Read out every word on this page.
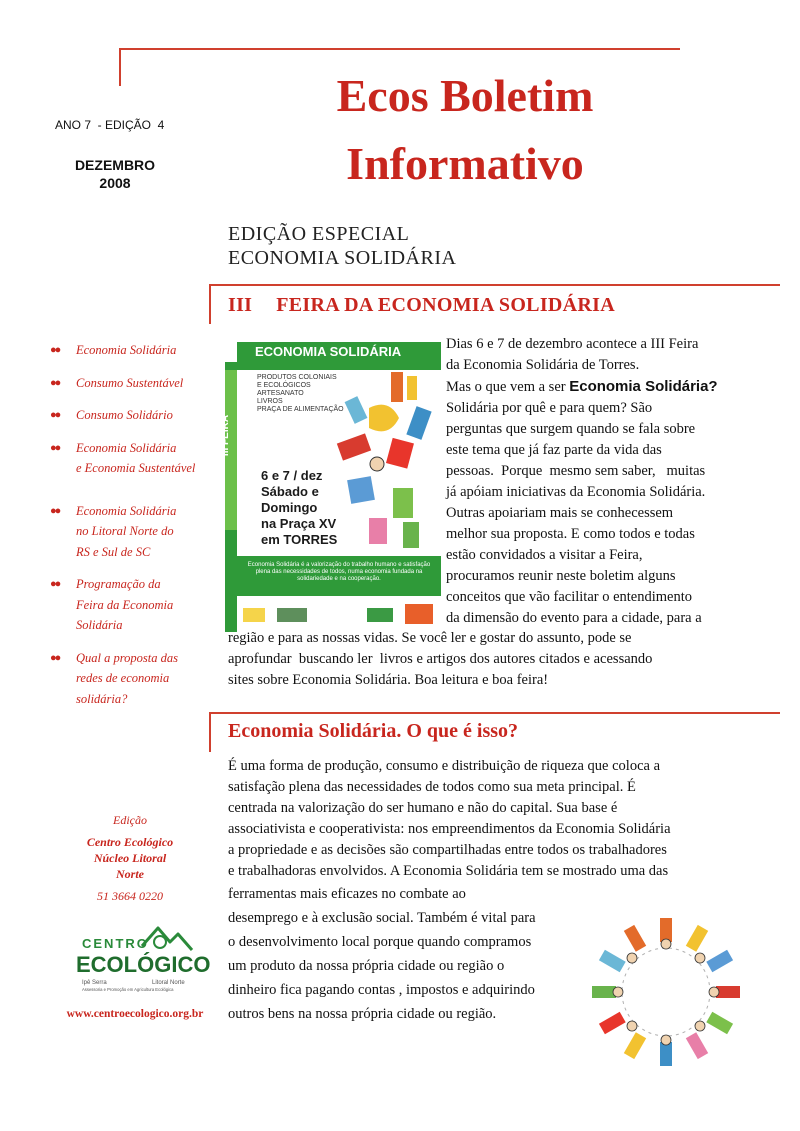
Ecos Boletim
Informativo
ANO 7  - EDIÇÃO  4
DEZEMBRO
2008
EDIÇÃO ESPECIAL
ECONOMIA SOLIDÁRIA
III FEIRA DA ECONOMIA SOLIDÁRIA
●●	Economia Solidária
●●	Consumo Sustentável
●●	Consumo Solidário
●●	Economia Solidária
e Economia Sustentável
●●	Economia Solidária
no Litoral Norte do
RS e Sul de SC
●●	Programação da
Feira da Economia
Solidária
●●	Qual a proposta das
redes de economia
solidária?
Edição
Centro Ecológico
Núcleo Litoral
Norte
51 3664 0220
CENTRO
ECOLÓGICO
Ipê Serra	Litoral Norte
Assessoria e Promoção em Agricultura Ecológica
www.centroecologico.org.br
ECONOMIA SOLIDÁRIA
III FEIRA
PRODUTOS COLONIAIS
E ECOLÓGICOS
ARTESANATO
LIVROS
PRAÇA DE ALIMENTAÇÃO
6 e 7 / dez
Sábado e
Domingo
na Praça XV
em TORRES
Economia Solidária é a valorização do trabalho humano e satisfação plena das necessidades de todos, numa economia fundada na solidariedade e na cooperação.
Dias 6 e 7 de dezembro acontece a III Feira
da Economia Solidária de Torres.
Mas o que vem a ser Economia Solidária?
Solidária por quê e para quem? São
perguntas que surgem quando se fala sobre
este tema que já faz parte da vida das
pessoas.  Porque  mesmo sem saber,   muitas
já apóiam iniciativas da Economia Solidária.
Outras apoiariam mais se conhecessem
melhor sua proposta. E como todos e todas
estão convidados a visitar a Feira,
procuramos reunir neste boletim alguns
conceitos que vão facilitar o entendimento
da dimensão do evento para a cidade, para a
região e para as nossas vidas. Se você ler e gostar do assunto, pode se
aprofundar  buscando ler  livros e artigos dos autores citados e acessando
sites sobre Economia Solidária. Boa leitura e boa feira!
Economia Solidária. O que é isso?
É uma forma de produção, consumo e distribuição de riqueza que coloca a
satisfação plena das necessidades de todos como sua meta principal. É
centrada na valorização do ser humano e não do capital. Sua base é
associativista e cooperativista: nos empreendimentos da Economia Solidária
a propriedade e as decisões são compartilhadas entre todos os trabalhadores
e trabalhadoras envolvidos. A Economia Solidária tem se mostrado uma das
ferramentas mais eficazes no combate ao
desemprego e à exclusão social. Também é vital para
o desenvolvimento local porque quando compramos
um produto da nossa própria cidade ou região o
dinheiro fica pagando contas , impostos e adquirindo
outros bens na nossa própria cidade ou região.
